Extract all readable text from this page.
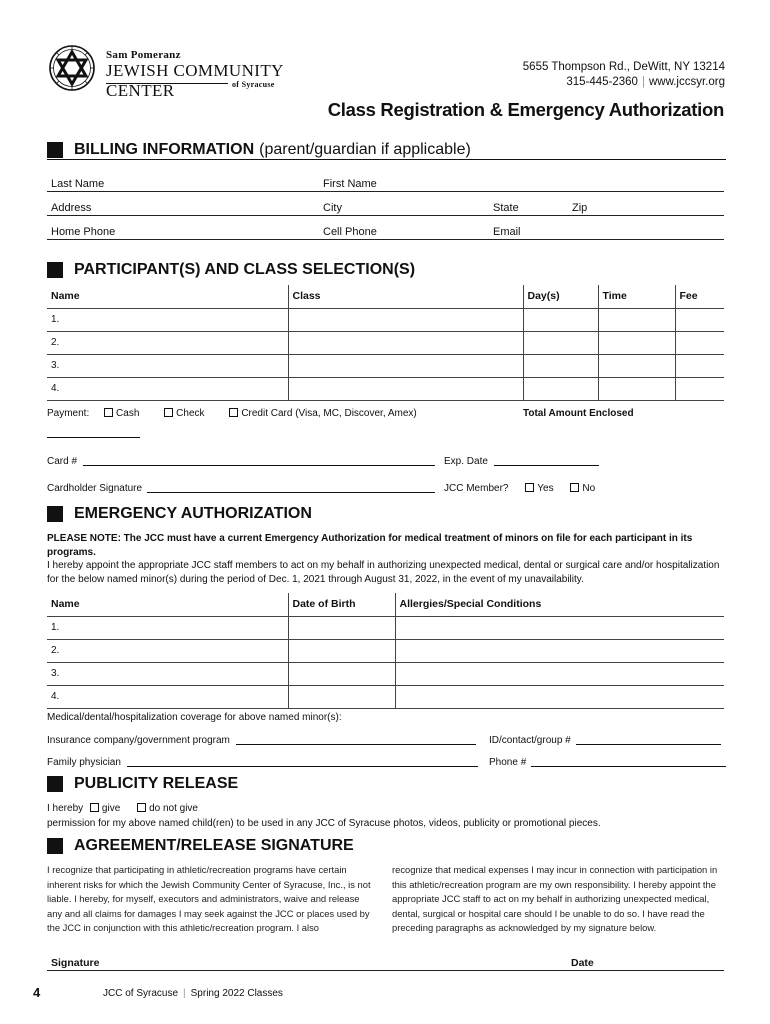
Sam Pomeranz
JEWISH COMMUNITY CENTER	of Syracuse
5655 Thompson Rd., DeWitt, NY 13214
315-445-2360 | www.jccsyr.org
Class Registration & Emergency Authorization
BILLING INFORMATION (parent/guardian if applicable)
Last Name	First Name
Address	City	State	Zip
Home Phone	Cell Phone	Email
PARTICIPANT(S) AND CLASS SELECTION(S)
Name	Class	Day(s)	Time	Fee
1.				
2.				
3.				
4.				
Payment:	Cash	Check	Credit Card (Visa, MC, Discover, Amex)	Total Amount Enclosed
Card #	Exp. Date
Cardholder Signature	JCC Member?	Yes	No
EMERGENCY AUTHORIZATION
PLEASE NOTE: The JCC must have a current Emergency Authorization for medical treatment of minors on file for each participant in its programs.
I hereby appoint the appropriate JCC staff members to act on my behalf in authorizing unexpected medical, dental or surgical care and/or hospitalization for the below named minor(s) during the period of Dec. 1, 2021 through August 31, 2022, in the event of my unavailability.
Name	Date of Birth	Allergies/Special Conditions
1.		
2.		
3.		
4.		
Medical/dental/hospitalization coverage for above named minor(s):
Insurance company/government program	ID/contact/group #
Family physician	Phone #
PUBLICITY RELEASE
I hereby give	do not give
permission for my above named child(ren) to be used in any JCC of Syracuse photos, videos, publicity or promotional pieces.
AGREEMENT/RELEASE SIGNATURE
I recognize that participating in athletic/recreation programs have certain inherent risks for which the Jewish Community Center of Syracuse, Inc., is not liable. I hereby, for myself, executors and administrators, waive and release any and all claims for damages I may seek against the JCC or places used by the JCC in conjunction with this athletic/recreation program. I also
recognize that medical expenses I may incur in connection with participation in this athletic/recreation program are my own responsibility. I hereby appoint the appropriate JCC staff to act on my behalf in authorizing unexpected medical, dental, surgical or hospital care should I be unable to do so. I have read the preceding paragraphs as acknowledged by my signature below.
Signature	Date
4	JCC of Syracuse | Spring 2022 Classes
